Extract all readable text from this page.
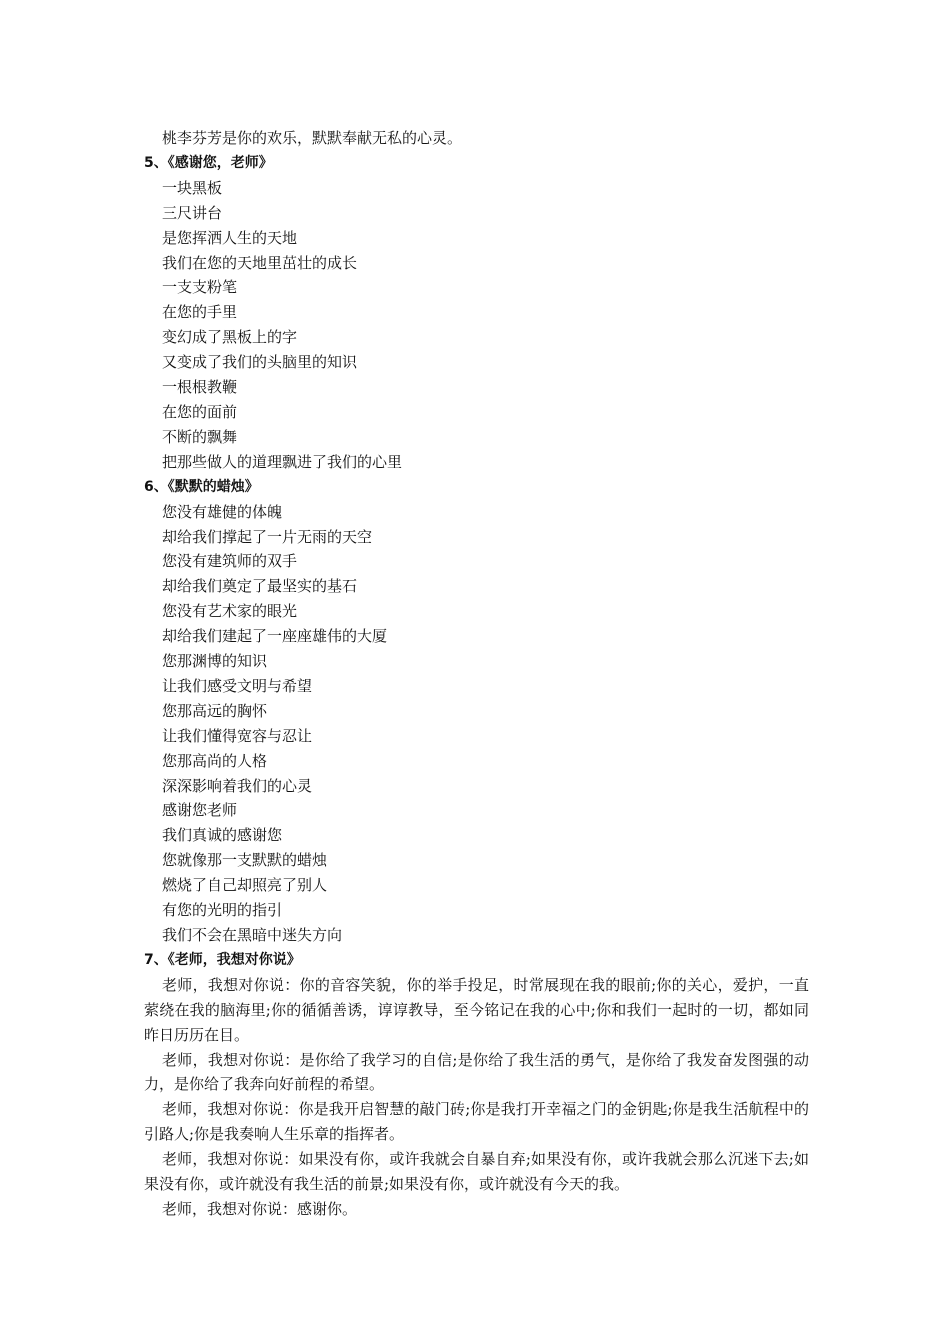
桃李芬芳是你的欢乐，默默奉献无私的心灵。

5、《感谢您，老师》

一块黑板

三尺讲台

是您挥洒人生的天地

我们在您的天地里茁壮的成长

一支支粉笔

在您的手里

变幻成了黑板上的字

又变成了我们的头脑里的知识

一根根教鞭

在您的面前

不断的飘舞

把那些做人的道理飘进了我们的心里

6、《默默的蜡烛》

您没有雄健的体魄

却给我们撑起了一片无雨的天空

您没有建筑师的双手

却给我们奠定了最坚实的基石

您没有艺术家的眼光

却给我们建起了一座座雄伟的大厦

您那渊博的知识

让我们感受文明与希望

您那高远的胸怀

让我们懂得宽容与忍让

您那高尚的人格

深深影响着我们的心灵

感谢您老师

我们真诚的感谢您

您就像那一支默默的蜡烛

燃烧了自己却照亮了别人

有您的光明的指引

我们不会在黑暗中迷失方向

7、《老师，我想对你说》

老师，我想对你说：你的音容笑貌，你的举手投足，时常展现在我的眼前;你的关心，爱护，一直萦绕在我的脑海里;你的循循善诱，谆谆教导，至今铭记在我的心中;你和我们一起时的一切，都如同昨日历历在目。

老师，我想对你说：是你给了我学习的自信;是你给了我生活的勇气，是你给了我发奋发图强的动力，是你给了我奔向好前程的希望。

老师，我想对你说：你是我开启智慧的敲门砖;你是我打开幸福之门的金钥匙;你是我生活航程中的引路人;你是我奏响人生乐章的指挥者。

老师，我想对你说：如果没有你，或许我就会自暴自弃;如果没有你，或许我就会那么沉迷下去;如果没有你，或许就没有我生活的前景;如果没有你，或许就没有今天的我。

老师，我想对你说：感谢你。
